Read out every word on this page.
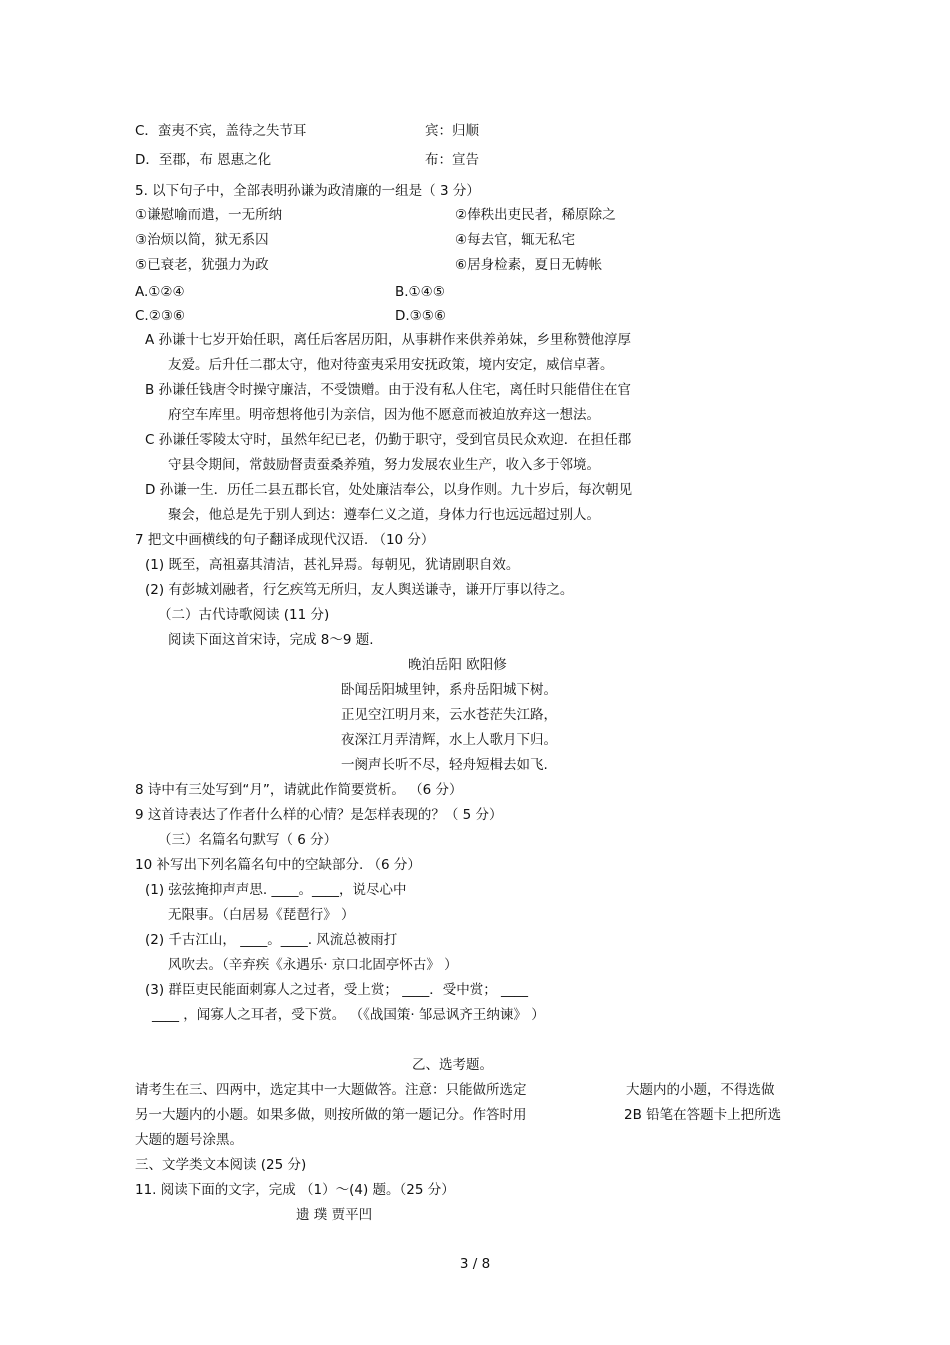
C．蛮夷不宾，盖待之失节耳	宾：归顺
D．至郡，布 恩惠之化	布：宣告
5. 以下句子中，全部表明孙谦为政清廉的一组是（ 3 分）
①谦慰喻而遣，一无所纳	②俸秩出吏民者，稀原除之
③治烦以简，狱无系囚	④每去官，辄无私宅
⑤已衰老，犹强力为政	⑥居身检素，夏日无帱帐
A.①②④	B.①④⑤
C.②③⑥	D.③⑤⑥
A 孙谦十七岁开始任职，离任后客居历阳，从事耕作来供养弟妹，乡里称赞他淳厚
友爱。后升任二郡太守，他对待蛮夷采用安抚政策，境内安定，威信卓著。
B 孙谦任钱唐令时操守廉洁，不受馈赠。由于没有私人住宅，离任时只能借住在官
府空车库里。明帝想将他引为亲信，因为他不愿意而被迫放弃这一想法。
C 孙谦任零陵太守时，虽然年纪已老，仍勤于职守，受到官员民众欢迎．在担任郡
守县令期间，常鼓励督责蚕桑养殖，努力发展农业生产，收入多于邻境。
D 孙谦一生．历任二县五郡长官，处处廉洁奉公，以身作则。九十岁后，每次朝见
聚会，他总是先于别人到达：遵奉仁义之道，身体力行也远远超过别人。
7 把文中画横线的句子翻译成现代汉语. （10 分）
(1) 既至，高祖嘉其清洁，甚礼异焉。每朝见，犹请剧职自效。
(2) 有彭城刘融者，行乞疾笃无所归，友人舆送谦寺，谦开厅事以待之。
（二）古代诗歌阅读 (11 分)
阅读下面这首宋诗，完成 8～9 题.
晚泊岳阳 欧阳修
卧闻岳阳城里钟，系舟岳阳城下树。
正见空江明月来，云水苍茫失江路，
夜深江月弄清辉，水上人歌月下归。
一阕声长听不尽，轻舟短楫去如飞.
8 诗中有三处写到“月”，请就此作简要赏析。 （6 分）
9 这首诗表达了作者什么样的心情？是怎样表现的？（ 5 分）
（三）名篇名句默写（ 6 分）
10 补写出下列名篇名句中的空缺部分. （6 分）
(1) 弦弦掩抑声声思. ____。____，说尽心中
无限事。（白居易《琵琶行》 ）
(2) 千古江山， ____。____. 风流总被雨打
风吹去。（辛弃疾《永遇乐· 京口北固亭怀古》 ）
(3) 群臣吏民能面刺寡人之过者，受上赏； ____．受中赏； ____
____ ，闻寡人之耳者，受下赏。 （《战国策· 邹忌讽齐王纳谏》 ）
乙、选考题。
请考生在三、四两中，选定其中一大题做答。注意：只能做所选定	大题内的小题，不得选做
另一大题内的小题。如果多做，则按所做的第一题记分。作答时用	2B 铅笔在答题卡上把所选
大题的题号涂黑。
三、文学类文本阅读 (25 分)
11. 阅读下面的文字，完成 （1）～(4) 题。（25 分）
遗 璞 贾平凹
3 / 8
